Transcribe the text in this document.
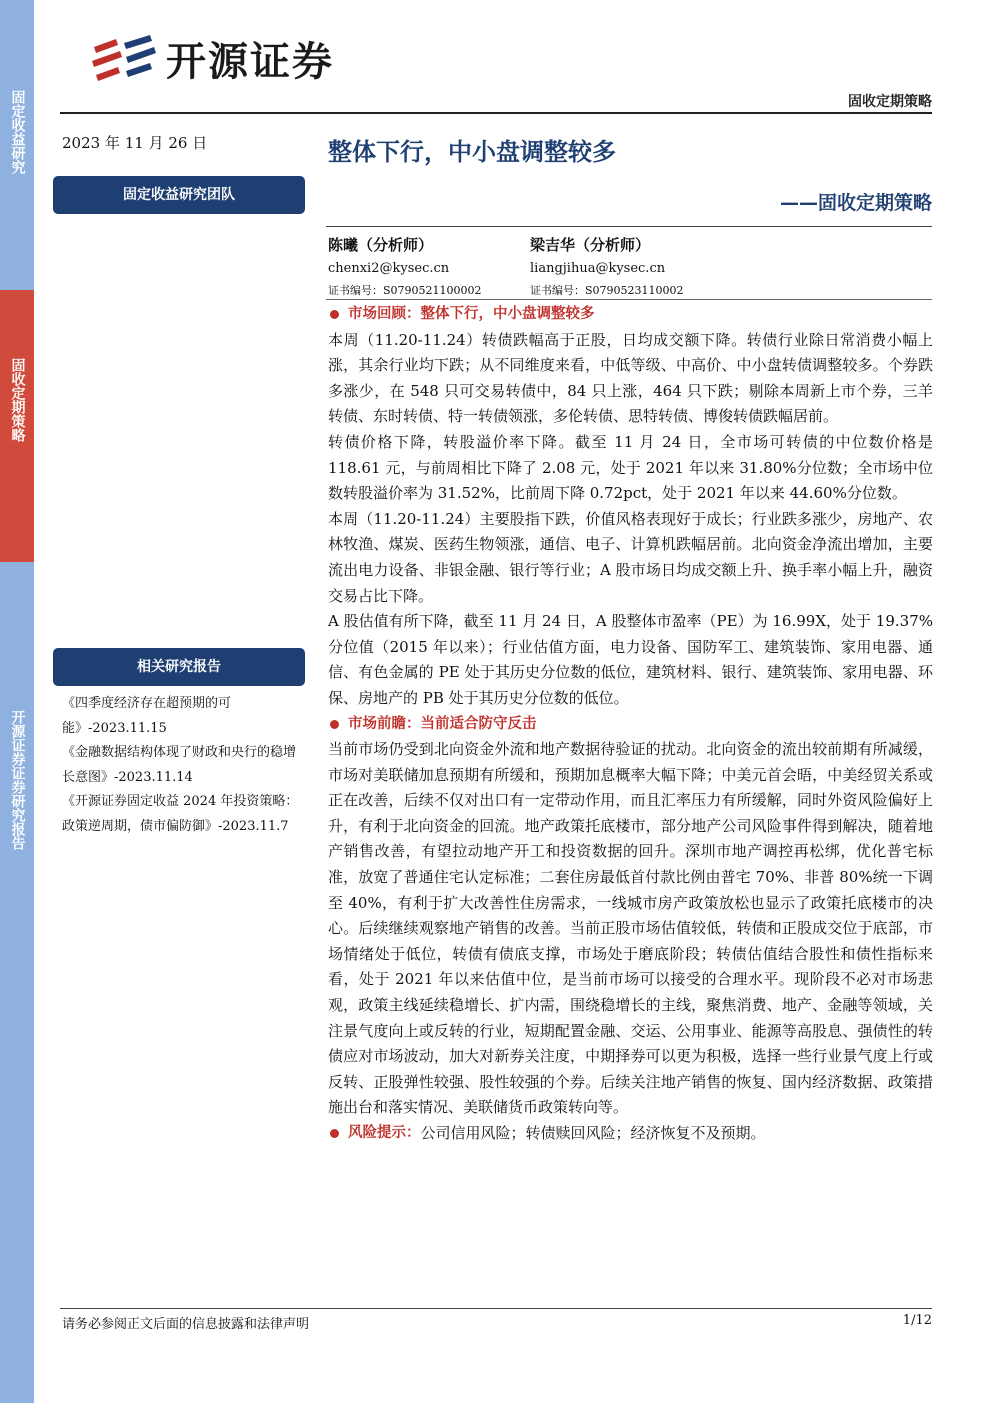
固定收益研究
固收定期策略
开源证券证券研究报告
开源证券
固收定期策略
2023 年 11 月 26 日
固定收益研究团队
相关研究报告
《四季度经济存在超预期的可能》-2023.11.15
《金融数据结构体现了财政和央行的稳增长意图》-2023.11.14
《开源证券固定收益 2024 年投资策略：政策逆周期，债市偏防御》-2023.11.7
整体下行，中小盘调整较多
——固收定期策略
陈曦（分析师）
chenxi2@kysec.cn
证书编号：S0790521100002
梁吉华（分析师）
liangjihua@kysec.cn
证书编号：S0790523110002
市场回顾：整体下行，中小盘调整较多

本周（11.20-11.24）转债跌幅高于正股，日均成交额下降。转债行业除日常消费小幅上涨，其余行业均下跌；从不同维度来看，中低等级、中高价、中小盘转债调整较多。个券跌多涨少，在 548 只可交易转债中，84 只上涨，464 只下跌；剔除本周新上市个券，三羊转债、东时转债、特一转债领涨，多伦转债、思特转债、博俊转债跌幅居前。

转债价格下降，转股溢价率下降。截至 11 月 24 日，全市场可转债的中位数价格是 118.61 元，与前周相比下降了 2.08 元，处于 2021 年以来 31.80%分位数；全市场中位数转股溢价率为 31.52%，比前周下降 0.72pct，处于 2021 年以来 44.60%分位数。

本周（11.20-11.24）主要股指下跌，价值风格表现好于成长；行业跌多涨少，房地产、农林牧渔、煤炭、医药生物领涨，通信、电子、计算机跌幅居前。北向资金净流出增加，主要流出电力设备、非银金融、银行等行业；A 股市场日均成交额上升、换手率小幅上升，融资交易占比下降。

A 股估值有所下降，截至 11 月 24 日，A 股整体市盈率（PE）为 16.99X，处于 19.37%分位值（2015 年以来）；行业估值方面，电力设备、国防军工、建筑装饰、家用电器、通信、有色金属的 PE 处于其历史分位数的低位，建筑材料、银行、建筑装饰、家用电器、环保、房地产的 PB 处于其历史分位数的低位。

市场前瞻：当前适合防守反击

当前市场仍受到北向资金外流和地产数据待验证的扰动。北向资金的流出较前期有所减缓，市场对美联储加息预期有所缓和，预期加息概率大幅下降；中美元首会晤，中美经贸关系或正在改善，后续不仅对出口有一定带动作用，而且汇率压力有所缓解，同时外资风险偏好上升，有利于北向资金的回流。地产政策托底楼市，部分地产公司风险事件得到解决，随着地产销售改善，有望拉动地产开工和投资数据的回升。深圳市地产调控再松绑，优化普宅标准，放宽了普通住宅认定标准；二套住房最低首付款比例由普宅 70%、非普 80%统一下调至 40%，有利于扩大改善性住房需求，一线城市房产政策放松也显示了政策托底楼市的决心。后续继续观察地产销售的改善。当前正股市场估值较低，转债和正股成交位于底部，市场情绪处于低位，转债有债底支撑，市场处于磨底阶段；转债估值结合股性和债性指标来看，处于 2021 年以来估值中位，是当前市场可以接受的合理水平。现阶段不必对市场悲观，政策主线延续稳增长、扩内需，围绕稳增长的主线，聚焦消费、地产、金融等领域，关注景气度向上或反转的行业，短期配置金融、交运、公用事业、能源等高股息、强债性的转债应对市场波动，加大对新券关注度，中期择券可以更为积极，选择一些行业景气度上行或反转、正股弹性较强、股性较强的个券。后续关注地产销售的恢复、国内经济数据、政策措施出台和落实情况、美联储货币政策转向等。

风险提示： 公司信用风险；转债赎回风险；经济恢复不及预期。
请务必参阅正文后面的信息披露和法律声明	1/12
